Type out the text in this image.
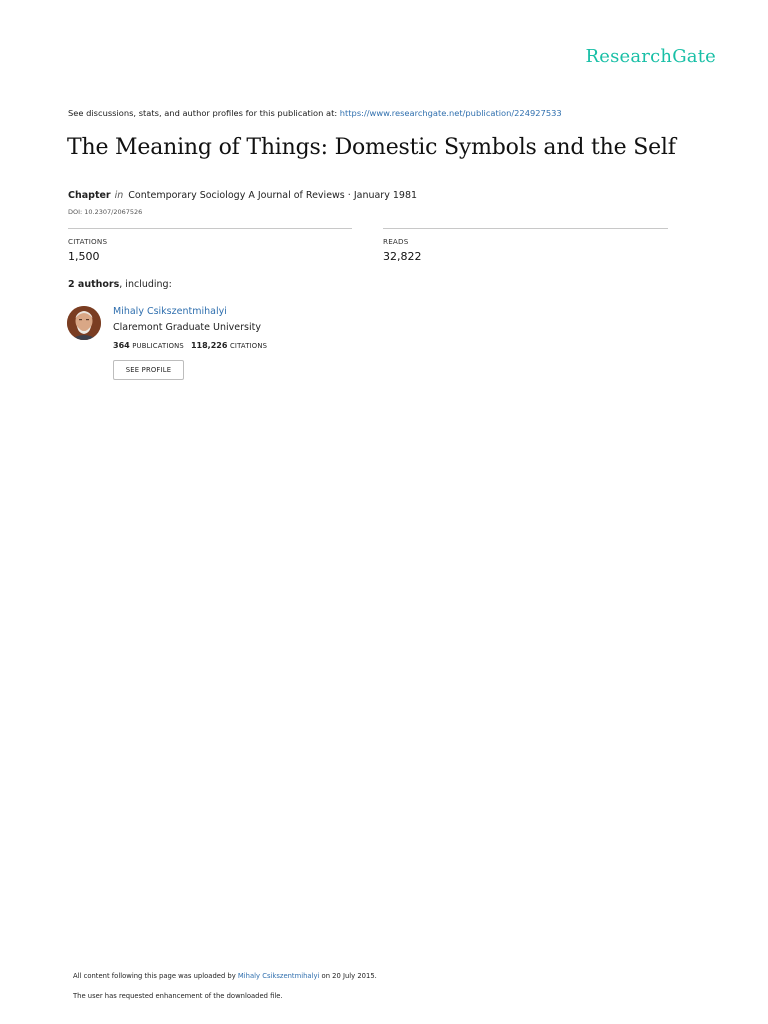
ResearchGate
See discussions, stats, and author profiles for this publication at: https://www.researchgate.net/publication/224927533
The Meaning of Things: Domestic Symbols and the Self
Chapter in Contemporary Sociology A Journal of Reviews · January 1981
DOI: 10.2307/2067526
CITATIONS
1,500
READS
32,822
2 authors, including:
Mihaly Csikszentmihalyi
Claremont Graduate University
364 PUBLICATIONS 118,226 CITATIONS
SEE PROFILE
All content following this page was uploaded by Mihaly Csikszentmihalyi on 20 July 2015.
The user has requested enhancement of the downloaded file.
